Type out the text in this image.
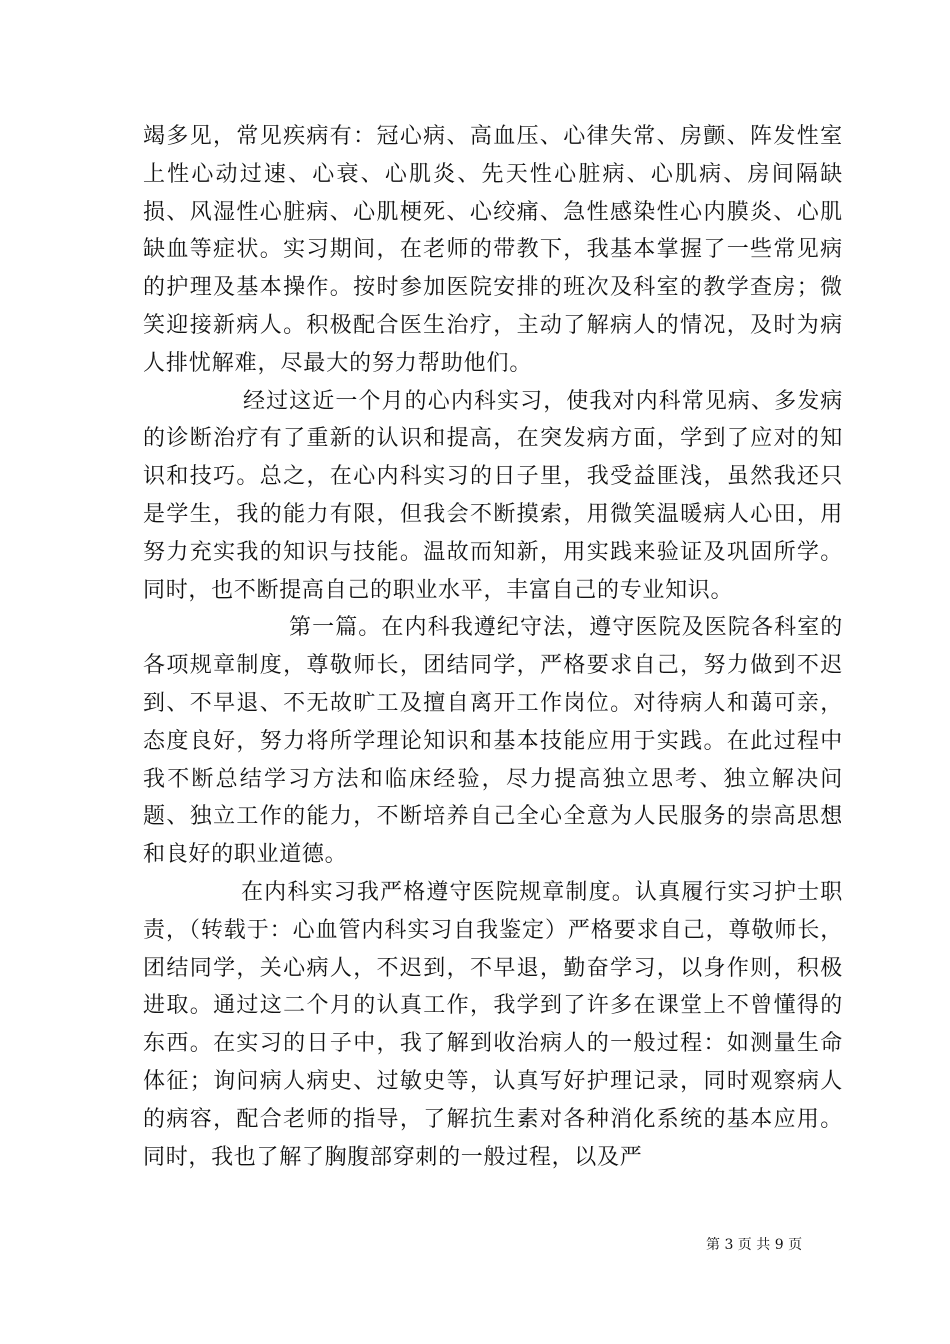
竭多见，常见疾病有：冠心病、高血压、心律失常、房颤、阵发性室上性心动过速、心衰、心肌炎、先天性心脏病、心肌病、房间隔缺损、风湿性心脏病、心肌梗死、心绞痛、急性感染性心内膜炎、心肌缺血等症状。实习期间，在老师的带教下，我基本掌握了一些常见病的护理及基本操作。按时参加医院安排的班次及科室的教学查房；微笑迎接新病人。积极配合医生治疗，主动了解病人的情况，及时为病人排忧解难，尽最大的努力帮助他们。

经过这近一个月的心内科实习，使我对内科常见病、多发病的诊断治疗有了重新的认识和提高，在突发病方面，学到了应对的知识和技巧。总之，在心内科实习的日子里，我受益匪浅，虽然我还只是学生，我的能力有限，但我会不断摸索，用微笑温暖病人心田，用努力充实我的知识与技能。温故而知新，用实践来验证及巩固所学。同时，也不断提高自己的职业水平，丰富自己的专业知识。

第一篇。在内科我遵纪守法，遵守医院及医院各科室的各项规章制度，尊敬师长，团结同学，严格要求自己，努力做到不迟到、不早退、不无故旷工及擅自离开工作岗位。对待病人和蔼可亲，态度良好，努力将所学理论知识和基本技能应用于实践。在此过程中我不断总结学习方法和临床经验，尽力提高独立思考、独立解决问题、独立工作的能力，不断培养自己全心全意为人民服务的崇高思想和良好的职业道德。

在内科实习我严格遵守医院规章制度。认真履行实习护士职责，（转载于：心血管内科实习自我鉴定）严格要求自己，尊敬师长，团结同学，关心病人，不迟到，不早退，勤奋学习，以身作则，积极进取。通过这二个月的认真工作，我学到了许多在课堂上不曾懂得的东西。在实习的日子中，我了解到收治病人的一般过程：如测量生命体征；询问病人病史、过敏史等，认真写好护理记录，同时观察病人的病容，配合老师的指导，了解抗生素对各种消化系统的基本应用。同时，我也了解了胸腹部穿刺的一般过程，以及严

第 3 页 共 9 页
